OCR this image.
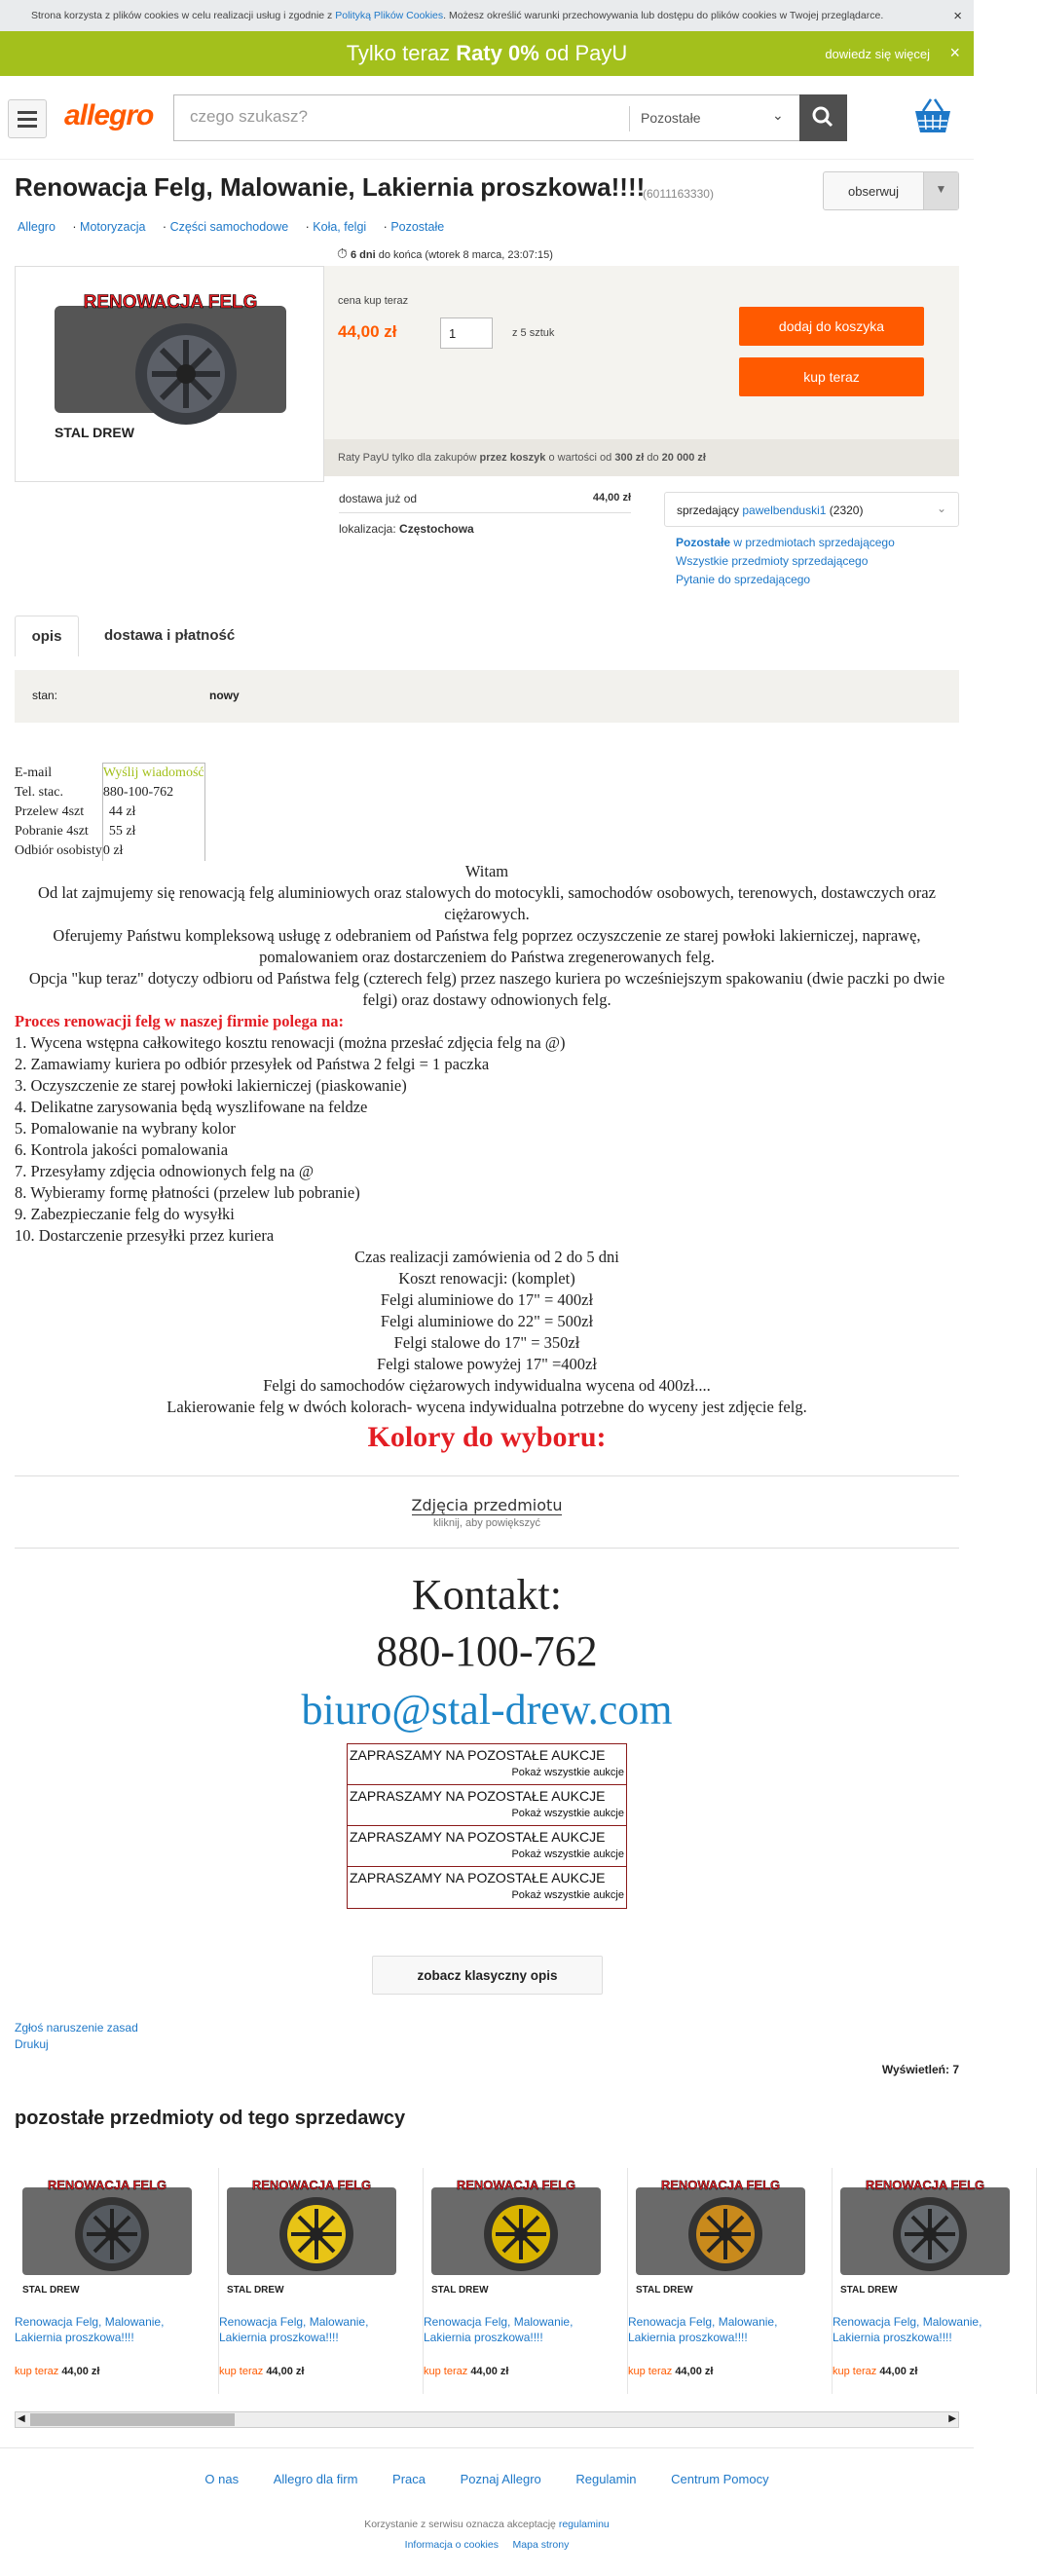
Strona korzysta z plików cookies w celu realizacji usług i zgodnie z
Polityką Plików Cookies . Możesz określić warunki przechowywania lub dostępu do plików cookies w Twojej przeglądarce.	×
Tylko teraz Raty 0% od PayU	dowiedz się więcej ×
allegro czego szukasz?	Pozostałe	⌄
Renowacja Felg, Malowanie, Lakiernia proszkowa!!!!
(6011163330)	obserwuj	▼
Allegro · Motoryzacja · Części samochodowe · Koła, felgi · Pozostałe
⏱ 6 dni do końca (wtorek 8 marca, 23:07:15)
RENOWACJA FELG
STAL DREW
cena kup teraz
44,00 zł	1	z 5 sztuk	dodaj do koszyka
kup teraz
Raty PayU tylko dla zakupów przez koszyk o wartości od 300 zł do 20 000 zł
dostawa już od	44,00 zł
lokalizacja: Częstochowa
sprzedający pawelbenduski1 (2320)	⌄
Pozostałe w przedmiotach sprzedającego
Wszystkie przedmioty sprzedającego
Pytanie do sprzedającego
opis	dostawa i płatność
stan:	nowy
E-mail	Wyślij wiadomość
Tel. stac.	880-100-762
Przelew 4szt	44 zł
Pobranie 4szt	55 zł
Odbiór osobisty	0 zł
Witam
Od lat zajmujemy się renowacją felg aluminiowych oraz stalowych do motocykli, samochodów osobowych, terenowych, dostawczych oraz ciężarowych.
Oferujemy Państwu kompleksową usługę z odebraniem od Państwa felg poprzez oczyszczenie ze starej powłoki lakierniczej, naprawę, pomalowaniem oraz dostarczeniem do Państwa zregenerowanych felg.
Opcja "kup teraz" dotyczy odbioru od Państwa felg (czterech felg) przez naszego kuriera po wcześniejszym spakowaniu (dwie paczki po dwie felgi) oraz dostawy odnowionych felg.
Proces renowacji felg w naszej firmie polega na:
1. Wycena wstępna całkowitego kosztu renowacji (można przesłać zdjęcia felg na @)
2. Zamawiamy kuriera po odbiór przesyłek od Państwa 2 felgi = 1 paczka
3. Oczyszczenie ze starej powłoki lakierniczej (piaskowanie)
4. Delikatne zarysowania będą wyszlifowane na feldze
5. Pomalowanie na wybrany kolor
6. Kontrola jakości pomalowania
7. Przesyłamy zdjęcia odnowionych felg na @
8. Wybieramy formę płatności (przelew lub pobranie)
9. Zabezpieczanie felg do wysyłki
10. Dostarczenie przesyłki przez kuriera
Czas realizacji zamówienia od 2 do 5 dni
Koszt renowacji: (komplet)
Felgi aluminiowe do 17" = 400zł
Felgi aluminiowe do 22" = 500zł
Felgi stalowe do 17" = 350zł
Felgi stalowe powyżej 17" =400zł
Felgi do samochodów ciężarowych indywidualna wycena od 400zł....
Lakierowanie felg w dwóch kolorach- wycena indywidualna potrzebne do wyceny jest zdjęcie felg.
Kolory do wyboru:
Zdjęcia przedmiotu
kliknij, aby powiększyć
Kontakt:
880-100-762
biuro@stal-drew.com
ZAPRASZAMY NA POZOSTAŁE AUKCJE
Pokaż wszystkie aukcje
ZAPRASZAMY NA POZOSTAŁE AUKCJE
Pokaż wszystkie aukcje
ZAPRASZAMY NA POZOSTAŁE AUKCJE
Pokaż wszystkie aukcje
ZAPRASZAMY NA POZOSTAŁE AUKCJE
Pokaż wszystkie aukcje
zobacz klasyczny opis
Zgłoś naruszenie zasad
Drukuj
Wyświetleń: 7
pozostałe przedmioty od tego sprzedawcy
RENOWACJA FELG
STAL DREW
Renowacja Felg, Malowanie, Lakiernia proszkowa!!!!
kup teraz 44,00 zł
RENOWACJA FELG
STAL DREW
Renowacja Felg, Malowanie, Lakiernia proszkowa!!!!
kup teraz 44,00 zł
RENOWACJA FELG
STAL DREW
Renowacja Felg, Malowanie, Lakiernia proszkowa!!!!
kup teraz 44,00 zł
RENOWACJA FELG
STAL DREW
Renowacja Felg, Malowanie, Lakiernia proszkowa!!!!
kup teraz 44,00 zł
RENOWACJA FELG
STAL DREW
Renowacja Felg, Malowanie, Lakiernia proszkowa!!!!
kup teraz 44,00 zł
◀	▶
O nas	Allegro dla firm	Praca	Poznaj Allegro	Regulamin	Centrum Pomocy
Korzystanie z serwisu oznacza akceptację regulaminu
Informacja o cookies Mapa strony
